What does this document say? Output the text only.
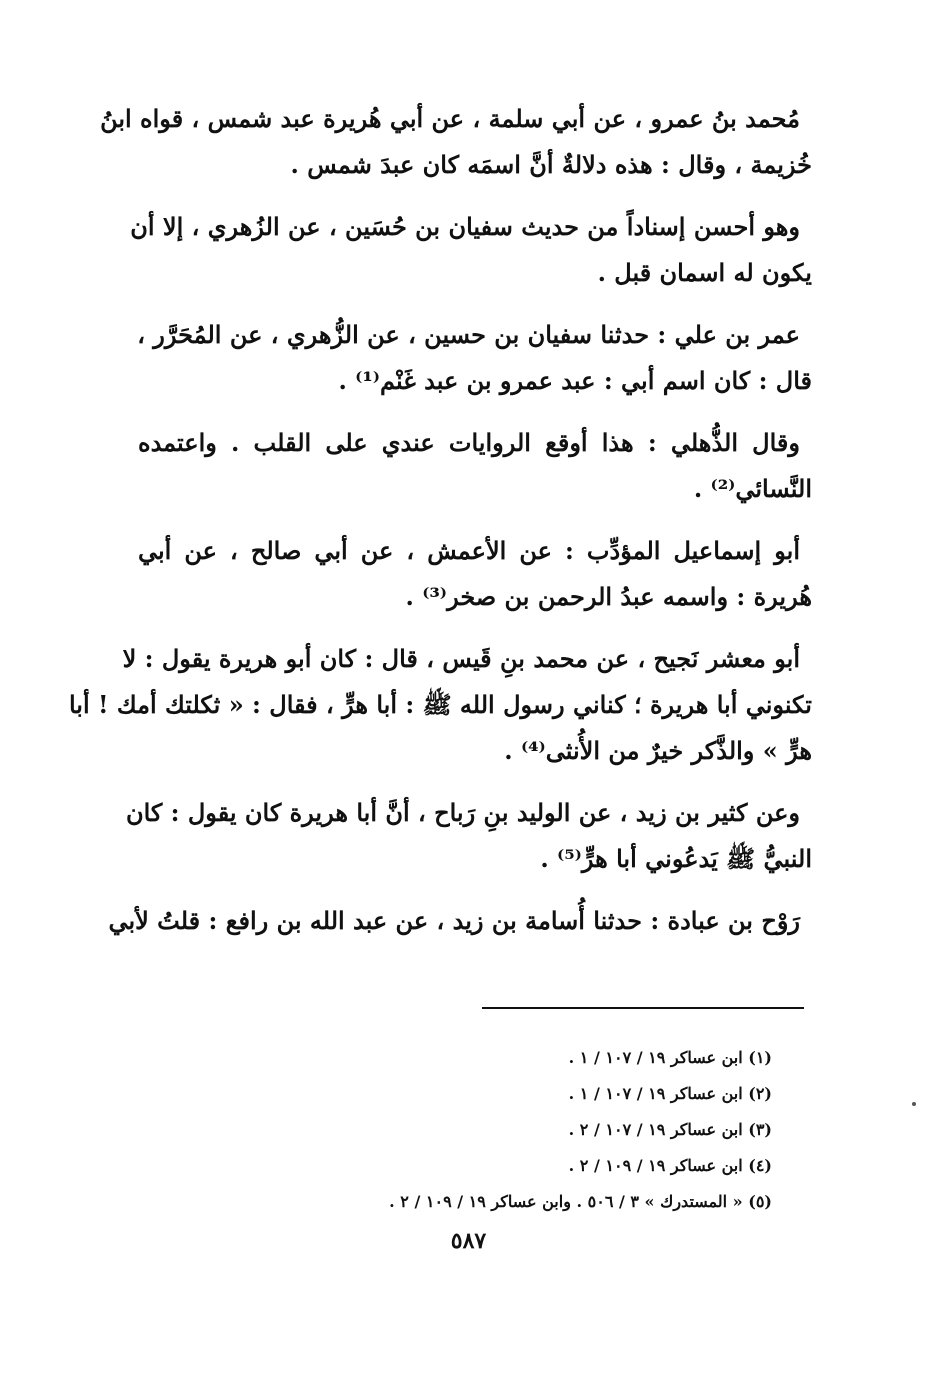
مُحمد بنُ عمرو ، عن أبي سلمة ، عن أبي هُريرة عبد شمس ، قواه ابنُ
خُزيمة ، وقال : هذه دلالةٌ أنَّ اسمَه كان عبدَ شمس .

وهو أحسن إسناداً من حديث سفيان بن حُسَين ، عن الزُهري ، إلا أن
يكون له اسمان قبل .

عمر بن علي : حدثنا سفيان بن حسين ، عن الزُّهري ، عن المُحَرَّر ،
قال : كان اسم أبي : عبد عمرو بن عبد غَنْم⁽¹⁾ .

وقال الذُّهلي : هذا أوقع الروايات عندي على القلب . واعتمده
النَّسائي⁽²⁾ .

أبو إسماعيل المؤدِّب : عن الأعمش ، عن أبي صالح ، عن أبي
هُريرة : واسمه عبدُ الرحمن بن صخر⁽³⁾ .

أبو معشر نَجيح ، عن محمد بنِ قَيس ، قال : كان أبو هريرة يقول : لا
تكنوني أبا هريرة ؛ كناني رسول الله ﷺ : أبا هرٍّ ، فقال : « ثكلتك أمك ! أبا
هرٍّ » والذَّكر خيرٌ من الأُنثى⁽⁴⁾ .

وعن كثير بن زيد ، عن الوليد بنِ رَباح ، أنَّ أبا هريرة كان يقول : كان
النبيُّ ﷺ يَدعُوني أبا هرٍّ⁽⁵⁾ .

رَوْح بن عبادة : حدثنا أُسامة بن زيد ، عن عبد الله بن رافع : قلتُ لأبي

(١) ابن عساكر ١٩ / ١٠٧ / ١ .
(٢) ابن عساكر ١٩ / ١٠٧ / ١ .
(٣) ابن عساكر ١٩ / ١٠٧ / ٢ .
(٤) ابن عساكر ١٩ / ١٠٩ / ٢ .
(٥) « المستدرك » ٣ / ٥٠٦ . وابن عساكر ١٩ / ١٠٩ / ٢ .
٥٨٧
